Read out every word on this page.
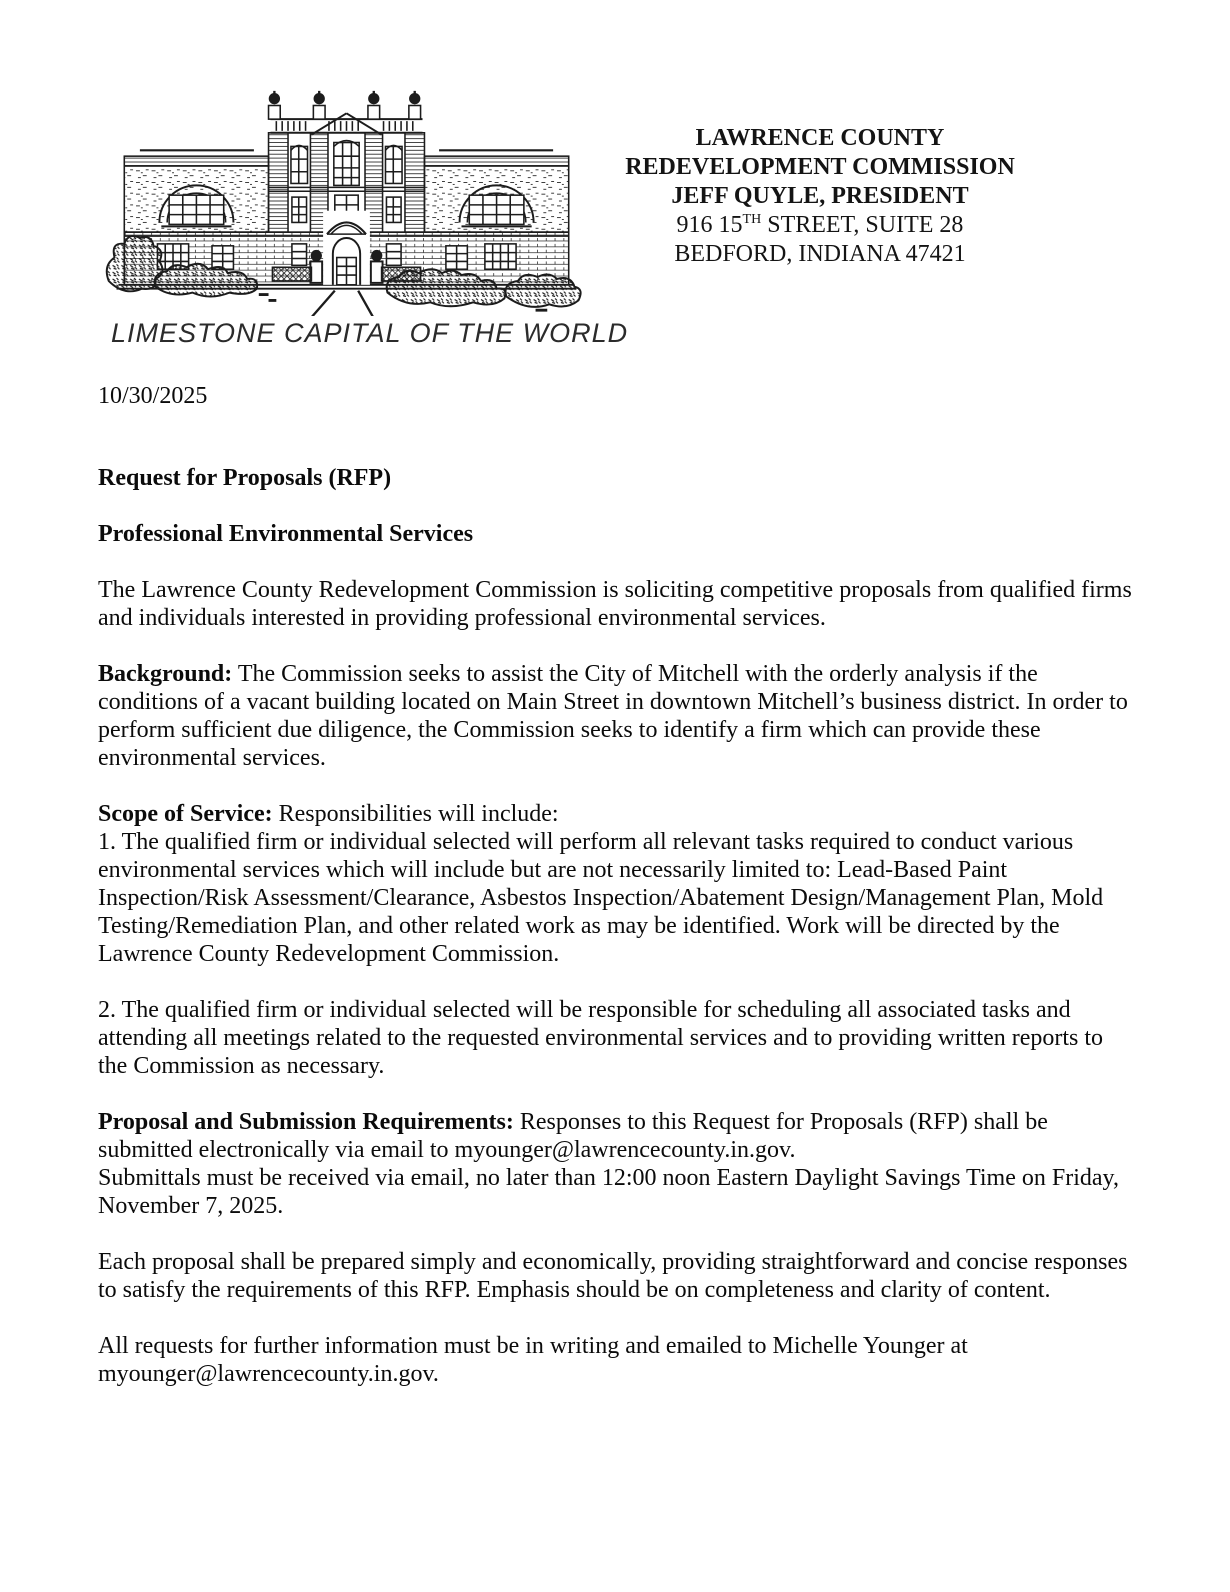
LIMESTONE CAPITAL OF THE WORLD
LAWRENCE COUNTY
REDEVELOPMENT COMMISSION
JEFF QUYLE, PRESIDENT
916 15TH STREET, SUITE 28
BEDFORD, INDIANA 47421

10/30/2025

Request for Proposals (RFP)

Professional Environmental Services

The Lawrence County Redevelopment Commission is soliciting competitive proposals from qualified firms and individuals interested in providing professional environmental services.

Background: The Commission seeks to assist the City of Mitchell with the orderly analysis if the conditions of a vacant building located on Main Street in downtown Mitchell’s business district. In order to perform sufficient due diligence, the Commission seeks to identify a firm which can provide these environmental services.

Scope of Service: Responsibilities will include:
1. The qualified firm or individual selected will perform all relevant tasks required to conduct various environmental services which will include but are not necessarily limited to: Lead-Based Paint Inspection/Risk Assessment/Clearance, Asbestos Inspection/Abatement Design/Management Plan, Mold Testing/Remediation Plan, and other related work as may be identified. Work will be directed by the Lawrence County Redevelopment Commission.

2. The qualified firm or individual selected will be responsible for scheduling all associated tasks and attending all meetings related to the requested environmental services and to providing written reports to the Commission as necessary.

Proposal and Submission Requirements: Responses to this Request for Proposals (RFP) shall be submitted electronically via email to myounger@lawrencecounty.in.gov.
Submittals must be received via email, no later than 12:00 noon Eastern Daylight Savings Time on Friday, November 7, 2025.

Each proposal shall be prepared simply and economically, providing straightforward and concise responses to satisfy the requirements of this RFP. Emphasis should be on completeness and clarity of content.

All requests for further information must be in writing and emailed to Michelle Younger at myounger@lawrencecounty.in.gov.
